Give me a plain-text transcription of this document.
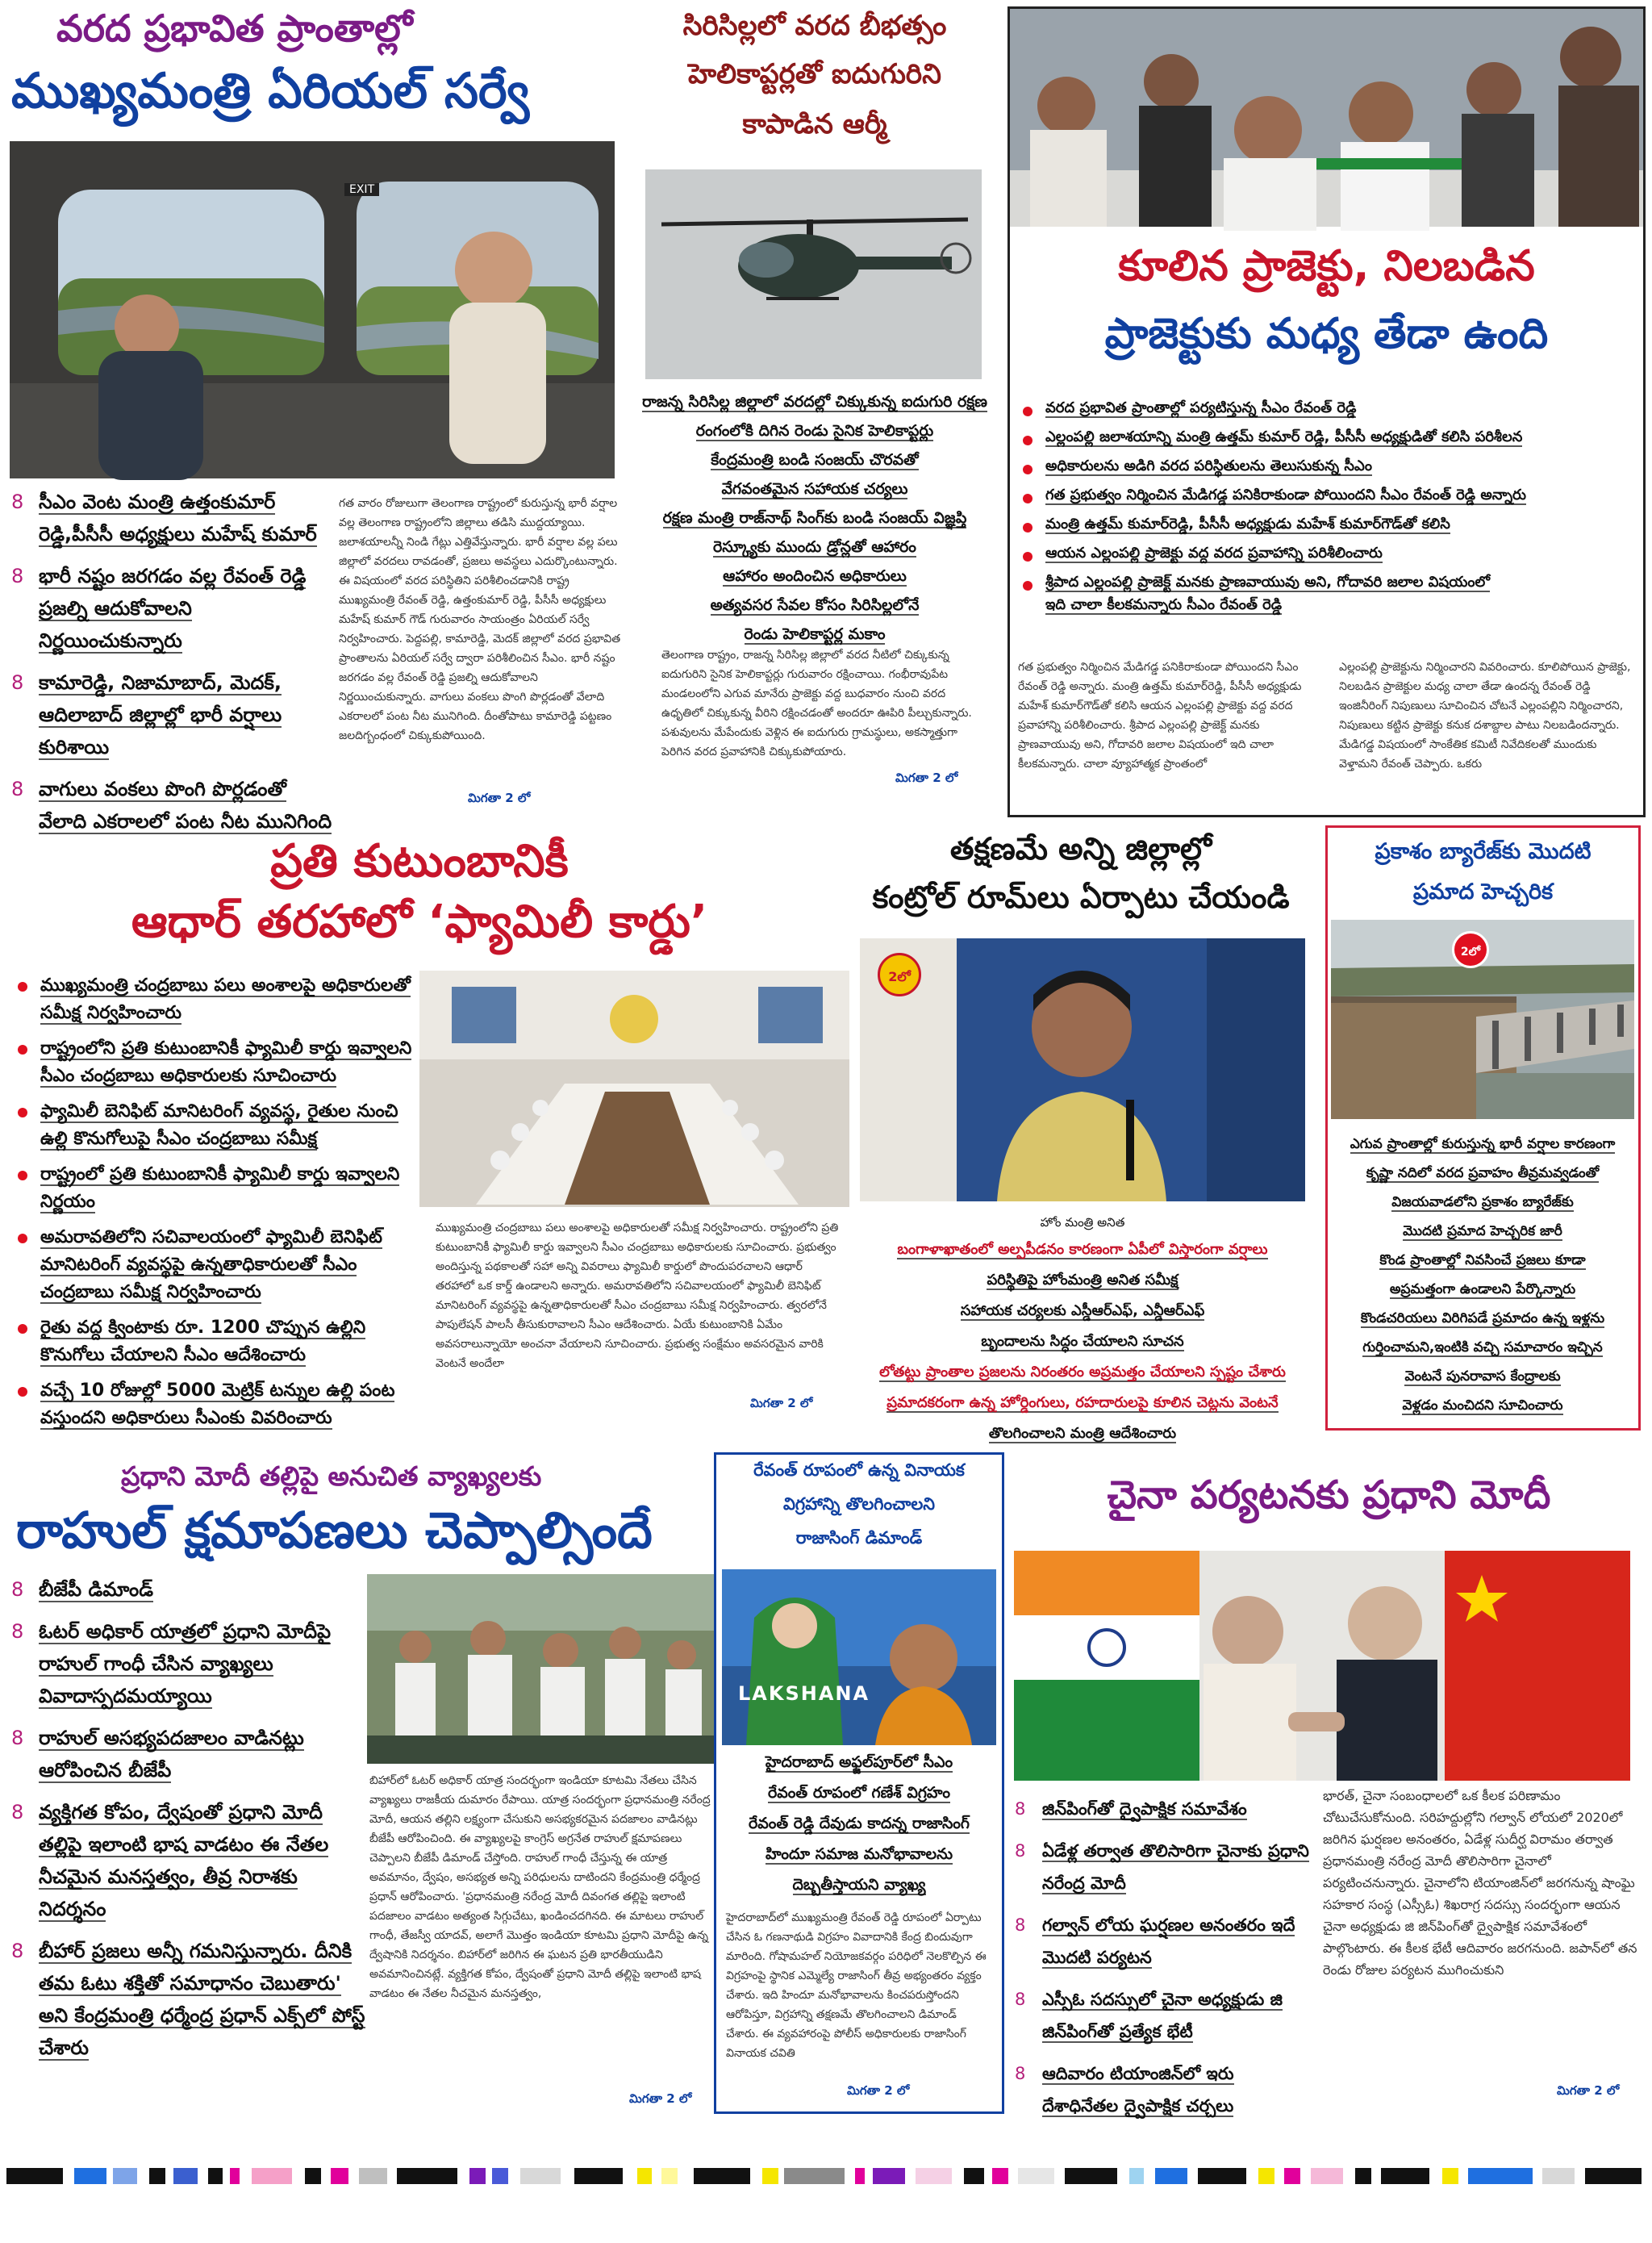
వరద ప్రభావిత ప్రాంతాల్లో
ముఖ్యమంత్రి ఏరియల్ సర్వే
EXIT
8 సీఎం వెంట మంత్రి ఉత్తంకుమార్ రెడ్డి,పీసీసీ అధ్యక్షులు మహేష్ కుమార్
8 భారీ నష్టం జరగడం వల్ల రేవంత్ రెడ్డి ప్రజల్ని ఆదుకోవాలని నిర్ణయించుకున్నారు
8 కామారెడ్డి, నిజామాబాద్, మెదక్, ఆదిలాబాద్ జిల్లాల్లో భారీ వర్షాలు కురిశాయి
8 వాగులు వంకలు పొంగి పొర్లడంతో వేలాది ఎకరాలలో పంట నీట మునిగింది
గత వారం రోజులుగా తెలంగాణ రాష్ట్రంలో కురుస్తున్న భారీ వర్షాల వల్ల తెలంగాణ రాష్ట్రంలోని జిల్లాలు తడిసి ముద్దయ్యాయి. జలాశయాలన్నీ నిండి గేట్లు ఎత్తివేస్తున్నారు. భారీ వర్షాల వల్ల పలు జిల్లాలో వరదలు రావడంతో, ప్రజలు అవస్థలు ఎదుర్కొంటున్నారు. ఈ విషయంలో వరద పరిస్థితిని పరిశీలించడానికి రాష్ట్ర ముఖ్యమంత్రి రేవంత్ రెడ్డి, ఉత్తంకుమార్ రెడ్డి, పీసీసీ అధ్యక్షులు మహేష్ కుమార్ గౌడ్ గురువారం సాయంత్రం ఏరియల్ సర్వే నిర్వహించారు. పెద్దపల్లి, కామారెడ్డి, మెదక్ జిల్లాలో వరద ప్రభావిత ప్రాంతాలను ఏరియల్ సర్వే ద్వారా పరిశీలించిన సీఎం. భారీ నష్టం జరగడం వల్ల రేవంత్ రెడ్డి ప్రజల్ని ఆదుకోవాలని నిర్ణయించుకున్నారు. వాగులు వంకలు పొంగి పొర్లడంతో వేలాది ఎకరాలలో పంట నీట మునిగింది. దీంతోపాటు కామారెడ్డి పట్టణం జలదిగ్బంధంలో చిక్కుకుపోయింది.
మిగతా 2 లో
సిరిసిల్లలో వరద బీభత్సం
హెలికాప్టర్లతో ఐదుగురిని
కాపాడిన ఆర్మీ
రాజన్న సిరిసిల్ల జిల్లాలో వరదల్లో చిక్కుకున్న ఐదుగురి రక్షణ
రంగంలోకి దిగిన రెండు సైనిక హెలికాప్టర్లు
కేంద్రమంత్రి బండి సంజయ్ చొరవతో
వేగవంతమైన సహాయక చర్యలు
రక్షణ మంత్రి రాజ్‌నాథ్ సింగ్‌కు బండి సంజయ్ విజ్ఞప్తి
రెస్క్యూకు ముందు డ్రోన్లతో ఆహారం
ఆహారం అందించిన అధికారులు
అత్యవసర సేవల కోసం సిరిసిల్లలోనే
రెండు హెలికాప్టర్ల మకాం
తెలంగాణ రాష్ట్రం, రాజన్న సిరిసిల్ల జిల్లాలో వరద నీటిలో చిక్కుకున్న ఐదుగురిని సైనిక హెలికాప్టర్లు గురువారం రక్షించాయి. గంభీరావుపేట మండలంలోని ఎగువ మానేరు ప్రాజెక్టు వద్ద బుధవారం నుంచి వరద ఉధృతిలో చిక్కుకున్న వీరిని రక్షించడంతో అందరూ ఊపిరి పీల్చుకున్నారు. పశువులను మేపేందుకు వెళ్లిన ఈ ఐదుగురు గ్రామస్థులు, అకస్మాత్తుగా పెరిగిన వరద ప్రవాహానికి చిక్కుకుపోయారు.
మిగతా 2 లో
కూలిన ప్రాజెక్టు, నిలబడిన
ప్రాజెక్టుకు మధ్య తేడా ఉంది
వరద ప్రభావిత ప్రాంతాల్లో పర్యటిస్తున్న సీఎం రేవంత్ రెడ్డి
ఎల్లంపల్లి జలాశయాన్ని మంత్రి ఉత్తమ్ కుమార్ రెడ్డి, పీసీసీ అధ్యక్షుడితో కలిసి పరిశీలన
అధికారులను అడిగి వరద పరిస్థితులను తెలుసుకున్న సీఎం
గత ప్రభుత్వం నిర్మించిన మేడిగడ్డ పనికిరాకుండా పోయిందని సీఎం రేవంత్ రెడ్డి అన్నారు
మంత్రి ఉత్తమ్ కుమార్‌రెడ్డి, పీసీసీ అధ్యక్షుడు మహేశ్ కుమార్‌గౌడ్‌తో కలిసి
ఆయన ఎల్లంపల్లి ప్రాజెక్టు వద్ద వరద ప్రవాహాన్ని పరిశీలించారు
శ్రీపాద ఎల్లంపల్లి ప్రాజెక్ట్ మనకు ప్రాణవాయువు అని, గోదావరి జలాల విషయంలో
ఇది చాలా కీలకమన్నారు సీఎం రేవంత్ రెడ్డి
గత ప్రభుత్వం నిర్మించిన మేడిగడ్డ పనికిరాకుండా పోయిందని సీఎం రేవంత్ రెడ్డి అన్నారు. మంత్రి ఉత్తమ్ కుమార్‌రెడ్డి, పీసీసీ అధ్యక్షుడు మహేశ్ కుమార్‌గౌడ్‌తో కలిసి ఆయన ఎల్లంపల్లి ప్రాజెక్టు వద్ద వరద ప్రవాహాన్ని పరిశీలించారు. శ్రీపాద ఎల్లంపల్లి ప్రాజెక్ట్ మనకు ప్రాణవాయువు అని, గోదావరి జలాల విషయంలో ఇది చాలా కీలకమన్నారు. చాలా వ్యూహాత్మక ప్రాంతంలో
ఎల్లంపల్లి ప్రాజెక్టును నిర్మించారని వివరించారు. కూలిపోయిన ప్రాజెక్టు, నిలబడిన ప్రాజెక్టుల మధ్య చాలా తేడా ఉందన్న రేవంత్ రెడ్డి ఇంజినీరింగ్ నిపుణులు సూచించిన చోటనే ఎల్లంపల్లిని నిర్మించారని, నిపుణులు కట్టిన ప్రాజెక్టు కనుక దశాబ్దాల పాటు నిలబడిందన్నారు. మేడిగడ్డ విషయంలో సాంకేతిక కమిటీ నివేదికలతో ముందుకు వెళ్తామని రేవంత్ చెప్పారు. ఒకరు
ప్రతి కుటుంబానికీ
ఆధార్ తరహాలో ‘ఫ్యామిలీ కార్డు’
ముఖ్యమంత్రి చంద్రబాబు పలు అంశాలపై అధికారులతో సమీక్ష నిర్వహించారు
రాష్ట్రంలోని ప్రతి కుటుంబానికీ ఫ్యామిలీ కార్డు ఇవ్వాలని సీఎం చంద్రబాబు అధికారులకు సూచించారు
ఫ్యామిలీ బెనిఫిట్ మానిటరింగ్ వ్యవస్థ, రైతుల నుంచి ఉల్లి కొనుగోలుపై సీఎం చంద్రబాబు సమీక్ష
రాష్ట్రంలో ప్రతి కుటుంబానికీ ఫ్యామిలీ కార్డు ఇవ్వాలని నిర్ణయం
అమరావతిలోని సచివాలయంలో ఫ్యామిలీ బెనిఫిట్ మానిటరింగ్ వ్యవస్థపై ఉన్నతాధికారులతో సీఎం చంద్రబాబు సమీక్ష నిర్వహించారు
రైతు వద్ద క్వింటాకు రూ. 1200 చొప్పున ఉల్లిని కొనుగోలు చేయాలని సీఎం ఆదేశించారు
వచ్చే 10 రోజుల్లో 5000 మెట్రిక్ టన్నుల ఉల్లి పంట వస్తుందని అధికారులు సీఎంకు వివరించారు
ముఖ్యమంత్రి చంద్రబాబు పలు అంశాలపై అధికారులతో సమీక్ష నిర్వహించారు. రాష్ట్రంలోని ప్రతి కుటుంబానికీ ఫ్యామిలీ కార్డు ఇవ్వాలని సీఎం చంద్రబాబు అధికారులకు సూచించారు. ప్రభుత్వం అందిస్తున్న పథకాలతో సహా అన్ని వివరాలు ఫ్యామిలీ కార్డులో పొందుపరచాలని ఆధార్ తరహాలో ఒక కార్డ్ ఉండాలని అన్నారు. అమరావతిలోని సచివాలయంలో ఫ్యామిలీ బెనిఫిట్ మానిటరింగ్ వ్యవస్థపై ఉన్నతాధికారులతో సీఎం చంద్రబాబు సమీక్ష నిర్వహించారు. త్వరలోనే పాపులేషన్ పాలసీ తీసుకురావాలని సీఎం ఆదేశించారు. ఏయే కుటుంబానికి ఏమేం అవసరాలున్నాయో అంచనా వేయాలని సూచించారు. ప్రభుత్వ సంక్షేమం అవసరమైన వారికి వెంటనే అందేలా
మిగతా 2 లో
తక్షణమే అన్ని జిల్లాల్లో
కంట్రోల్ రూమ్‌లు ఏర్పాటు చేయండి
2లో
హోం మంత్రి అనిత
బంగాళాఖాతంలో అల్పపీడనం కారణంగా ఏపీలో విస్తారంగా వర్షాలు
పరిస్థితిపై హోంమంత్రి అనిత సమీక్ష
సహాయక చర్యలకు ఎస్డీఆర్ఎఫ్, ఎన్డీఆర్ఎఫ్
బృందాలను సిద్ధం చేయాలని సూచన
లోతట్టు ప్రాంతాల ప్రజలను నిరంతరం అప్రమత్తం చేయాలని స్పష్టం చేశారు
ప్రమాదకరంగా ఉన్న హోర్డింగులు, రహదారులపై కూలిన చెట్లను వెంటనే
తొలగించాలని మంత్రి ఆదేశించారు
ప్రకాశం బ్యారేజ్‌కు మొదటి
ప్రమాద హెచ్చరిక
2లో
ఎగువ ప్రాంతాల్లో కురుస్తున్న భారీ వర్షాల కారణంగా
కృష్ణా నదిలో వరద ప్రవాహం తీవ్రమవ్వడంతో
విజయవాడలోని ప్రకాశం బ్యారేజ్‌కు
మొదటి ప్రమాద హెచ్చరిక జారీ
కొండ ప్రాంతాల్లో నివసించే ప్రజలు కూడా
అప్రమత్తంగా ఉండాలని పేర్కొన్నారు
కొండచరియలు విరిగిపడే ప్రమాదం ఉన్న ఇళ్లను
గుర్తించామని,ఇంటికి వచ్చి సమాచారం ఇచ్చిన
వెంటనే పునరావాస కేంద్రాలకు
వెళ్లడం మంచిదని సూచించారు
ప్రధాని మోదీ తల్లిపై అనుచిత వ్యాఖ్యలకు
రాహుల్ క్షమాపణలు చెప్పాల్సిందే
8 బీజేపీ డిమాండ్
8 ఓటర్ అధికార్ యాత్రలో ప్రధాని మోదీపై రాహుల్ గాంధీ చేసిన వ్యాఖ్యలు వివాదాస్పదమయ్యాయి
8 రాహుల్ అసభ్యపదజాలం వాడినట్లు ఆరోపించిన బీజేపీ
8 వ్యక్తిగత కోపం, ద్వేషంతో ప్రధాని మోదీ తల్లిపై ఇలాంటి భాష వాడటం ఈ నేతల నీచమైన మనస్తత్వం, తీవ్ర నిరాశకు నిదర్శనం
8 బీహార్ ప్రజలు అన్నీ గమనిస్తున్నారు. దీనికి తమ ఓటు శక్తితో సమాధానం చెబుతారు' అని కేంద్రమంత్రి ధర్మేంద్ర ప్రధాన్ ఎక్స్‌లో పోస్ట్ చేశారు
బిహార్‌లో ఓటర్ అధికార్ యాత్ర సందర్భంగా ఇండియా కూటమి నేతలు చేసిన వ్యాఖ్యలు రాజకీయ దుమారం రేపాయి. యాత్ర సందర్భంగా ప్రధానమంత్రి నరేంద్ర మోదీ, ఆయన తల్లిని లక్ష్యంగా చేసుకుని అసభ్యకరమైన పదజాలం వాడినట్లు బీజేపీ ఆరోపించింది. ఈ వ్యాఖ్యలపై కాంగ్రెస్ అగ్రనేత రాహుల్ క్షమాపణలు చెప్పాలని బీజేపీ డిమాండ్ చేస్తోంది. రాహుల్ గాంధీ చేస్తున్న ఈ యాత్ర అవమానం, ద్వేషం, అసభ్యత అన్ని పరిధులను దాటిందని కేంద్రమంత్రి ధర్మేంద్ర ప్రధాన్ ఆరోపించారు. 'ప్రధానమంత్రి నరేంద్ర మోదీ దివంగత తల్లిపై ఇలాంటి పదజాలం వాడటం అత్యంత సిగ్గుచేటు, ఖండించదగినది. ఈ మాటలు రాహుల్ గాంధీ, తేజస్వీ యాదవ్, అలాగే మొత్తం ఇండియా కూటమి ప్రధాని మోదీపై ఉన్న ద్వేషానికి నిదర్శనం. బిహార్‌లో జరిగిన ఈ ఘటన ప్రతి భారతీయుడిని అవమానించినట్లే. వ్యక్తిగత కోపం, ద్వేషంతో ప్రధాని మోదీ తల్లిపై ఇలాంటి భాష వాడటం ఈ నేతల నీచమైన మనస్తత్వం,
మిగతా 2 లో
రేవంత్ రూపంలో ఉన్న వినాయక
విగ్రహాన్ని తొలగించాలని
రాజాసింగ్ డిమాండ్
LAKSHANA
హైదరాబాద్ అఫ్జల్‌పూర్‌లో సీఎం
రేవంత్ రూపంలో గణేశ్ విగ్రహం
రేవంత్ రెడ్డి దేవుడు కాదన్న రాజాసింగ్
హిందూ సమాజ మనోభావాలను
దెబ్బతీస్తాయని వ్యాఖ్య
హైదరాబాద్‌లో ముఖ్యమంత్రి రేవంత్ రెడ్డి రూపంలో ఏర్పాటు చేసిన ఓ గణనాథుడి విగ్రహం వివాదానికి కేంద్ర బిందువుగా మారింది. గోషామహల్ నియోజకవర్గం పరిధిలో నెలకొల్పిన ఈ విగ్రహంపై స్థానిక ఎమ్మెల్యే రాజాసింగ్ తీవ్ర అభ్యంతరం వ్యక్తం చేశారు. ఇది హిందూ మనోభావాలను కించపరుస్తోందని ఆరోపిస్తూ, విగ్రహాన్ని తక్షణమే తొలగించాలని డిమాండ్ చేశారు. ఈ వ్యవహారంపై పోలీస్ అధికారులకు రాజాసింగ్ వినాయక చవితి
మిగతా 2 లో
చైనా పర్యటనకు ప్రధాని మోదీ
8 జిన్‌పింగ్‌తో ద్వైపాక్షిక సమావేశం
8 ఏడేళ్ల తర్వాత తొలిసారిగా చైనాకు ప్రధాని నరేంద్ర మోదీ
8 గల్వాన్ లోయ ఘర్షణల అనంతరం ఇదే మొదటి పర్యటన
8 ఎస్సీఓ సదస్సులో చైనా అధ్యక్షుడు జి జిన్‌పింగ్‌తో ప్రత్యేక భేటీ
8 ఆదివారం టియాంజిన్‌లో ఇరు దేశాధినేతల ద్వైపాక్షిక చర్చలు
భారత్, చైనా సంబంధాలలో ఒక కీలక పరిణామం చోటుచేసుకోనుంది. సరిహద్దుల్లోని గల్వాన్ లోయలో 2020లో జరిగిన ఘర్షణల అనంతరం, ఏడేళ్ల సుదీర్ఘ విరామం తర్వాత ప్రధానమంత్రి నరేంద్ర మోదీ తొలిసారిగా చైనాలో పర్యటించనున్నారు. చైనాలోని టియాంజిన్‌లో జరగనున్న షాంఘై సహకార సంస్థ (ఎస్సీఓ) శిఖరాగ్ర సదస్సు సందర్భంగా ఆయన చైనా అధ్యక్షుడు జి జిన్‌పింగ్‌తో ద్వైపాక్షిక సమావేశంలో పాల్గొంటారు. ఈ కీలక భేటీ ఆదివారం జరగనుంది. జపాన్‌లో తన రెండు రోజుల పర్యటన ముగించుకుని
మిగతా 2 లో
